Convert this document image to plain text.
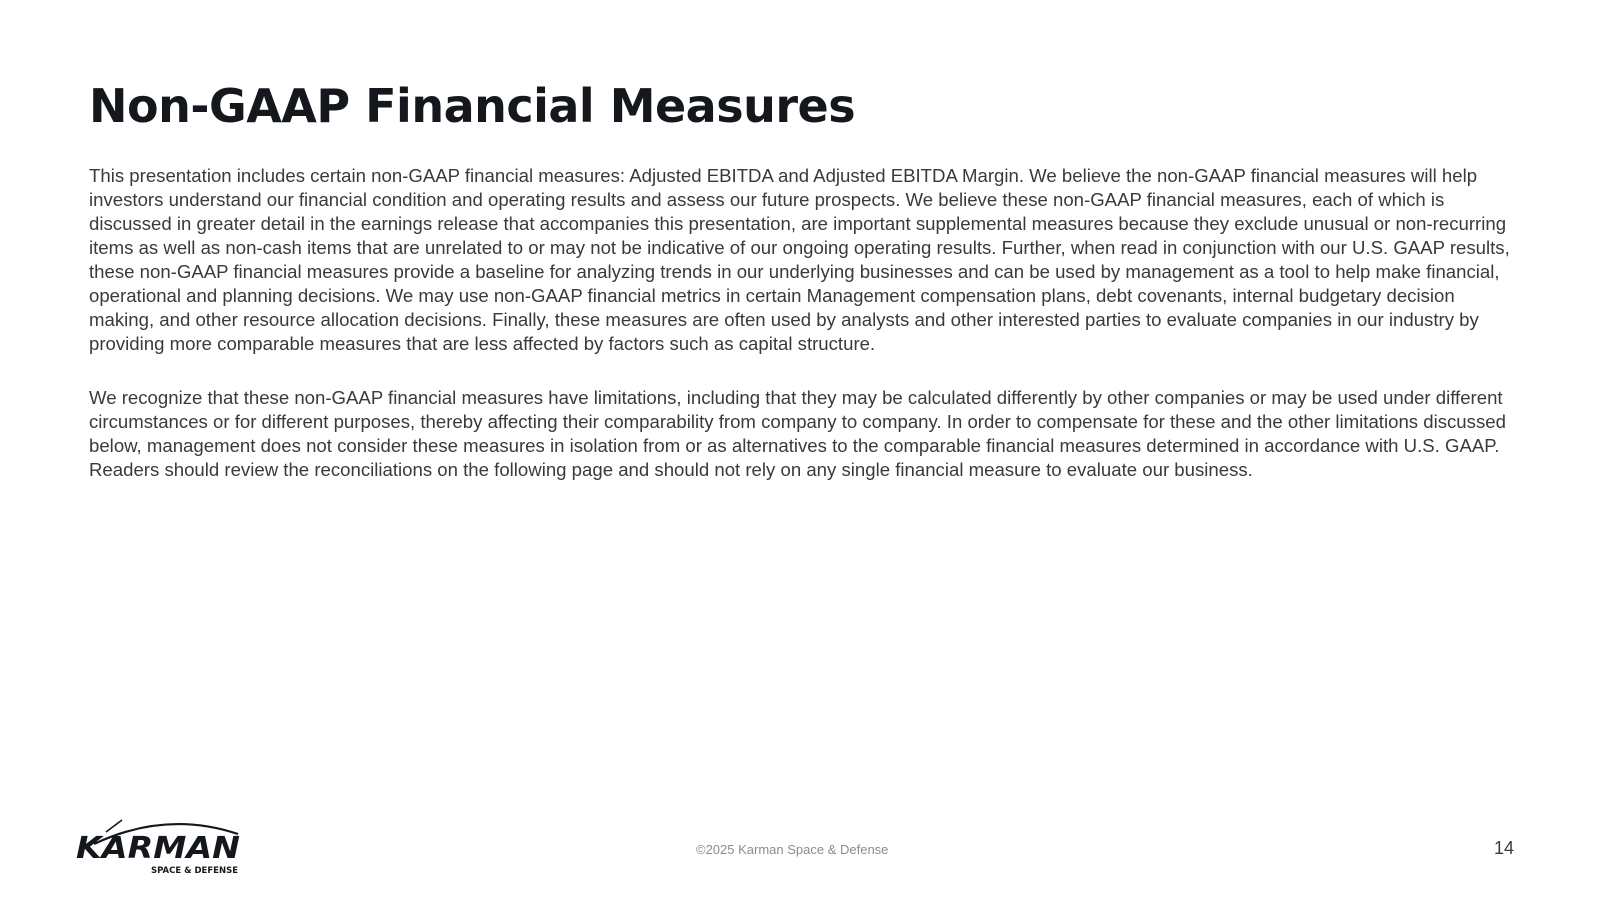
Non-GAAP Financial Measures

This presentation includes certain non-GAAP financial measures: Adjusted EBITDA and Adjusted EBITDA Margin. We believe the non-GAAP financial measures will help investors understand our financial condition and operating results and assess our future prospects. We believe these non-GAAP financial measures, each of which is discussed in greater detail in the earnings release that accompanies this presentation, are important supplemental measures because they exclude unusual or non-recurring items as well as non-cash items that are unrelated to or may not be indicative of our ongoing operating results. Further, when read in conjunction with our U.S. GAAP results, these non-GAAP financial measures provide a baseline for analyzing trends in our underlying businesses and can be used by management as a tool to help make financial, operational and planning decisions. We may use non-GAAP financial metrics in certain Management compensation plans, debt covenants, internal budgetary decision making, and other resource allocation decisions. Finally, these measures are often used by analysts and other interested parties to evaluate companies in our industry by providing more comparable measures that are less affected by factors such as capital structure.

We recognize that these non-GAAP financial measures have limitations, including that they may be calculated differently by other companies or may be used under different circumstances or for different purposes, thereby affecting their comparability from company to company. In order to compensate for these and the other limitations discussed below, management does not consider these measures in isolation from or as alternatives to the comparable financial measures determined in accordance with U.S. GAAP. Readers should review the reconciliations on the following page and should not rely on any single financial measure to evaluate our business.

KARMAN
SPACE & DEFENSE
©2025 Karman Space & Defense	14
